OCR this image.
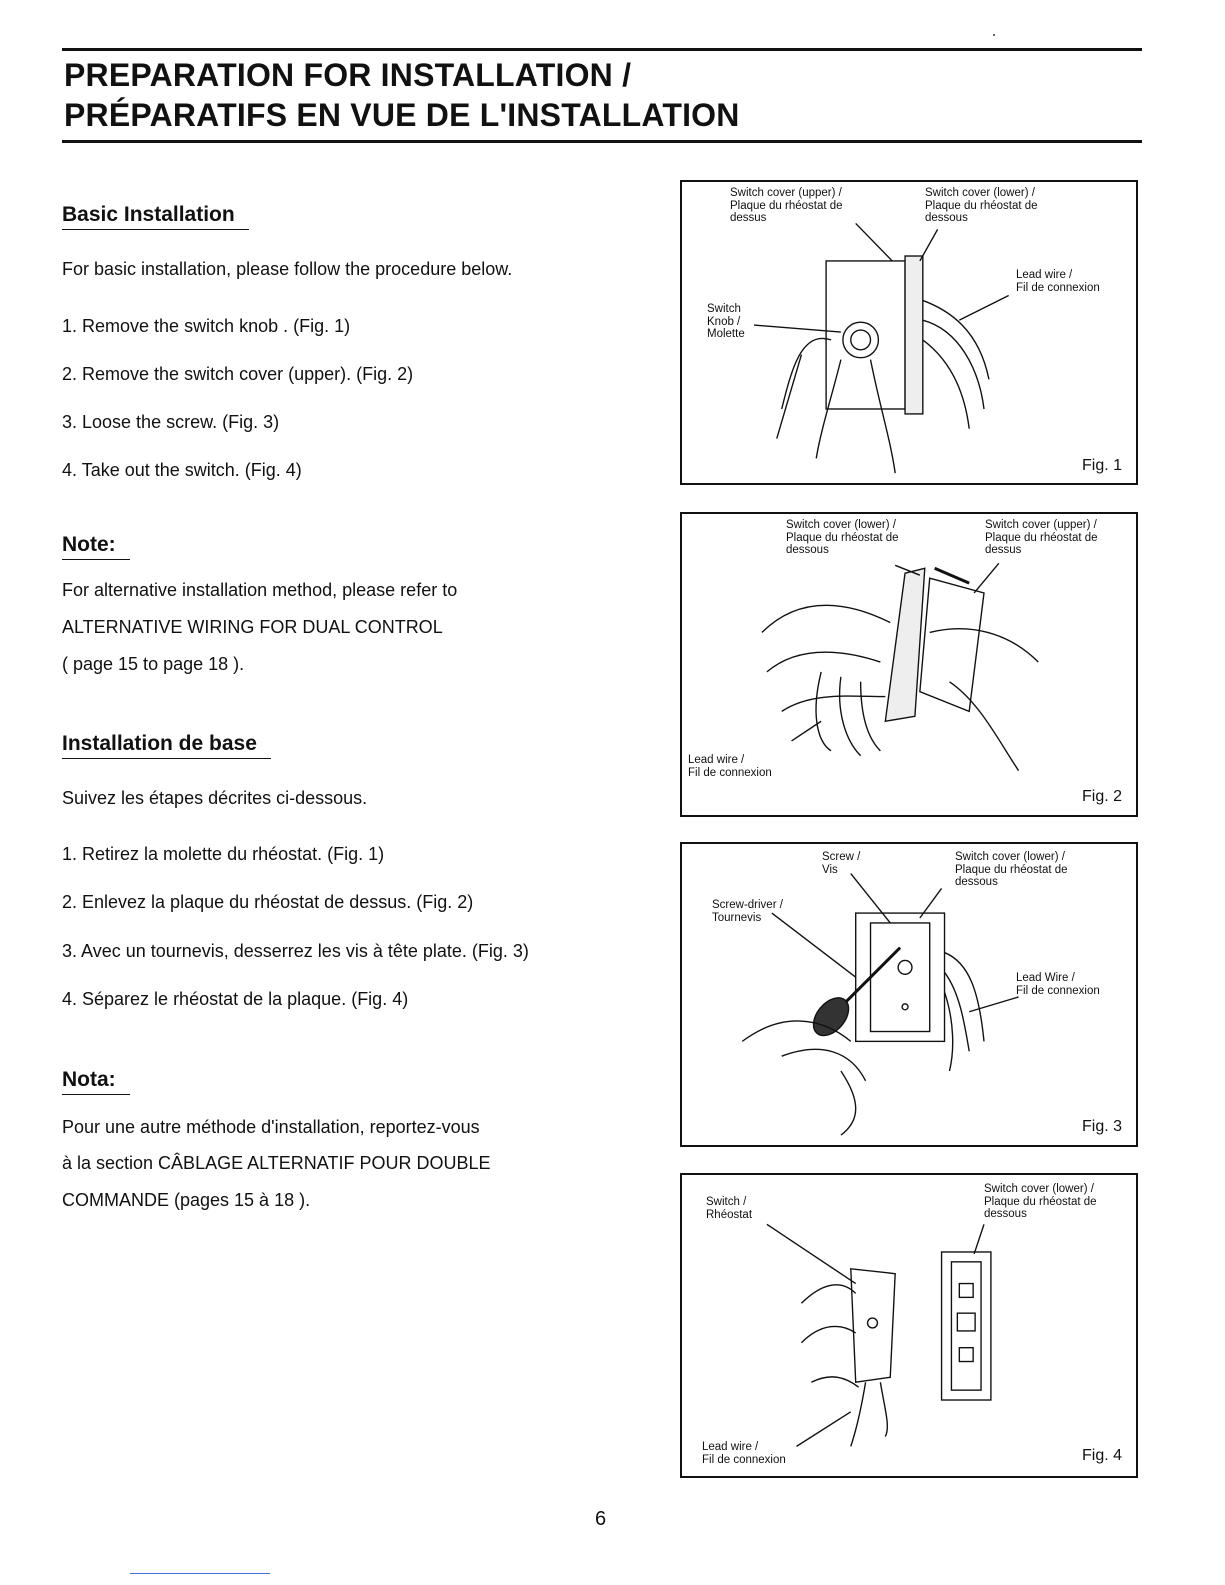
PREPARATION FOR INSTALLATION /
PRÉPARATIFS EN VUE DE L'INSTALLATION
Basic Installation
For basic installation, please follow the procedure below.
1. Remove the switch knob . (Fig. 1)
2. Remove the switch cover (upper). (Fig. 2)
3. Loose the screw. (Fig. 3)
4. Take out the switch. (Fig. 4)
Note:
For alternative installation method, please refer to
ALTERNATIVE WIRING FOR DUAL CONTROL
( page 15 to page 18 ).
Installation de base
Suivez les étapes décrites ci-dessous.
1. Retirez la molette du rhéostat. (Fig. 1)
2. Enlevez la plaque du rhéostat de dessus. (Fig. 2)
3. Avec un tournevis, desserrez les vis à tête plate. (Fig. 3)
4. Séparez le rhéostat de la plaque. (Fig. 4)
Nota:
Pour une autre méthode d'installation, reportez-vous
à la section CÂBLAGE ALTERNATIF POUR DOUBLE
COMMANDE (pages 15 à 18 ).
Switch cover (upper) /
Plaque du rhéostat de
dessus
Switch cover (lower) /
Plaque du rhéostat de
dessous
Lead wire /
Fil de connexion
Switch
Knob /
Molette
Fig. 1
Switch cover (lower) /
Plaque du rhéostat de
dessous
Switch cover (upper) /
Plaque du rhéostat de
dessus
Lead wire /
Fil de connexion
Fig. 2
Screw /
Vis
Switch cover (lower) /
Plaque du rhéostat de
dessous
Screw-driver /
Tournevis
Lead Wire /
Fil de connexion
Fig. 3
Switch /
Rhéostat
Switch cover (lower) /
Plaque du rhéostat de
dessous
Lead wire /
Fil de connexion	Fig. 4
6
